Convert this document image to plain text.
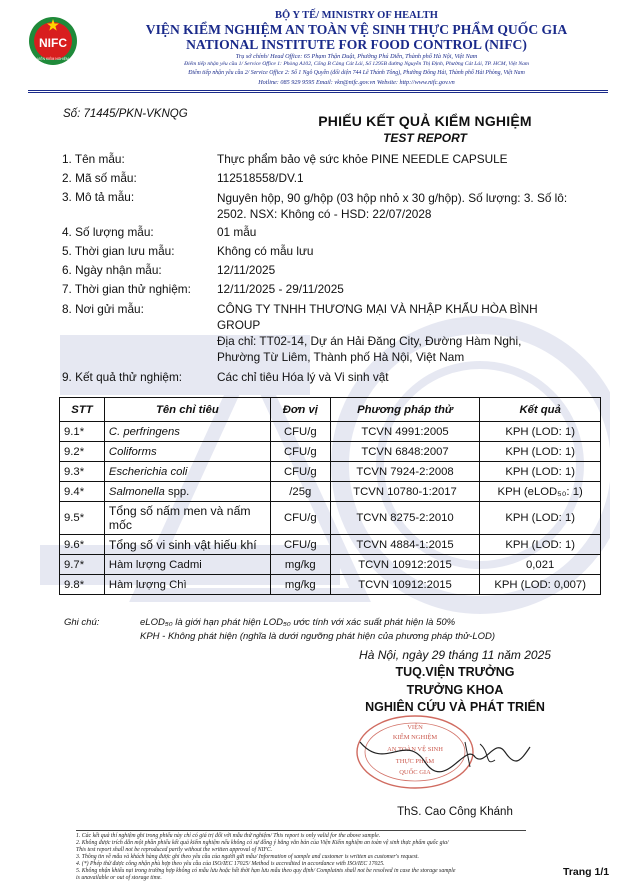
NIFC
VIỆN KIỂM NGHIỆM
BỘ Y TẾ/ MINISTRY OF HEALTH
VIỆN KIỂM NGHIỆM AN TOÀN VỆ SINH THỰC PHẨM QUỐC GIA
NATIONAL INSTITUTE FOR FOOD CONTROL (NIFC)
Trụ sở chính/ Head Office: 65 Phạm Thận Duật, Phường Phú Diễn, Thành phố Hà Nội, Việt Nam
Điểm tiếp nhận yêu cầu 1/ Service Office 1: Phòng A102, Cổng B Cảng Cát Lái, Số 1295B đường Nguyễn Thị Định, Phường Cát Lái, TP. HCM, Việt Nam
Điểm tiếp nhận yêu cầu 2/ Service Office 2: Số 1 Ngô Quyền (đối diện 744 Lê Thánh Tông), Phường Đông Hải, Thành phố Hải Phòng, Việt Nam
Hotline: 085 929 9595 Email: vkn@nifc.gov.vn Website: http://www.nifc.gov.vn
Số: 71445/PKN-VKNQG	PHIẾU KẾT QUẢ KIỂM NGHIỆM
TEST REPORT
1. Tên mẫu:	Thực phẩm bảo vệ sức khỏe PINE NEEDLE CAPSULE
2. Mã số mẫu:	112518558/DV.1
3. Mô tả mẫu:	Nguyên hộp, 90 g/hộp (03 hộp nhỏ x 30 g/hộp). Số lượng: 3. Số lô: 2502. NSX: Không có - HSD: 22/07/2028
4. Số lượng mẫu:	01 mẫu
5. Thời gian lưu mẫu:	Không có mẫu lưu
6. Ngày nhận mẫu:	12/11/2025
7. Thời gian thử nghiệm: 12/11/2025 - 29/11/2025
8. Nơi gửi mẫu:	CÔNG TY TNHH THƯƠNG MẠI VÀ NHẬP KHẨU HÒA BÌNH GROUP
Địa chỉ: TT02-14, Dự án Hải Đăng City, Đường Hàm Nghi, Phường Từ Liêm, Thành phố Hà Nội, Việt Nam
9. Kết quả thử nghiệm:	Các chỉ tiêu Hóa lý và Vi sinh vật
STT	Tên chỉ tiêu	Đơn vị	Phương pháp thử	Kết quả
9.1*	C. perfringens	CFU/g	TCVN 4991:2005	KPH (LOD: 1)
9.2*	Coliforms	CFU/g	TCVN 6848:2007	KPH (LOD: 1)
9.3*	Escherichia coli	CFU/g	TCVN 7924-2:2008	KPH (LOD: 1)
9.4*	Salmonella spp.	/25g	TCVN 10780-1:2017	KPH (eLOD₅₀: 1)
9.5*	Tổng số nấm men và nấm mốc	CFU/g	TCVN 8275-2:2010	KPH (LOD: 1)
9.6*	Tổng số vi sinh vật hiếu khí	CFU/g	TCVN 4884-1:2015	KPH (LOD: 1)
9.7*	Hàm lượng Cadmi	mg/kg	TCVN 10912:2015	0,021
9.8*	Hàm lượng Chì	mg/kg	TCVN 10912:2015	KPH (LOD: 0,007)
Ghi chú:	eLOD₅₀ là giới hạn phát hiện LOD₅₀ ước tính với xác suất phát hiện là 50%
KPH - Không phát hiện (nghĩa là dưới ngưỡng phát hiện của phương pháp thử-LOD)
Hà Nội, ngày 29 tháng 11 năm 2025
TUQ.VIỆN TRƯỞNG
TRƯỞNG KHOA
NGHIÊN CỨU VÀ PHÁT TRIỂN
VIỆN
KIỂM NGHIỆM
AN TOÀN VỆ SINH
THỰC PHẨM
QUỐC GIA
ThS. Cao Công Khánh
1. Các kết quả thí nghiệm ghi trong phiếu này chỉ có giá trị đối với mẫu thử nghiệm/ This report is only valid for the above sample.
2. Không được trích dẫn một phần phiếu kết quả kiểm nghiệm nếu không có sự đồng ý bằng văn bản của Viện Kiểm nghiệm an toàn vệ sinh thực phẩm quốc gia/
This test report shall not be reproduced partly without the written approval of NIFC.
3. Thông tin về mẫu và khách hàng được ghi theo yêu cầu của người gửi mẫu/ Information of sample and customer is written as customer's request.
4. (*) Phép thử được công nhận phù hợp theo yêu cầu của ISO/IEC 17025/ Method is accredited in accordance with ISO/IEC 17025.
5. Không nhận khiếu nại trong trường hợp không có mẫu lưu hoặc hết thời hạn lưu mẫu theo quy định/ Complaints shall not be resolved in case the storage sample
is unavailable or out of storage time.	Trang 1/1
